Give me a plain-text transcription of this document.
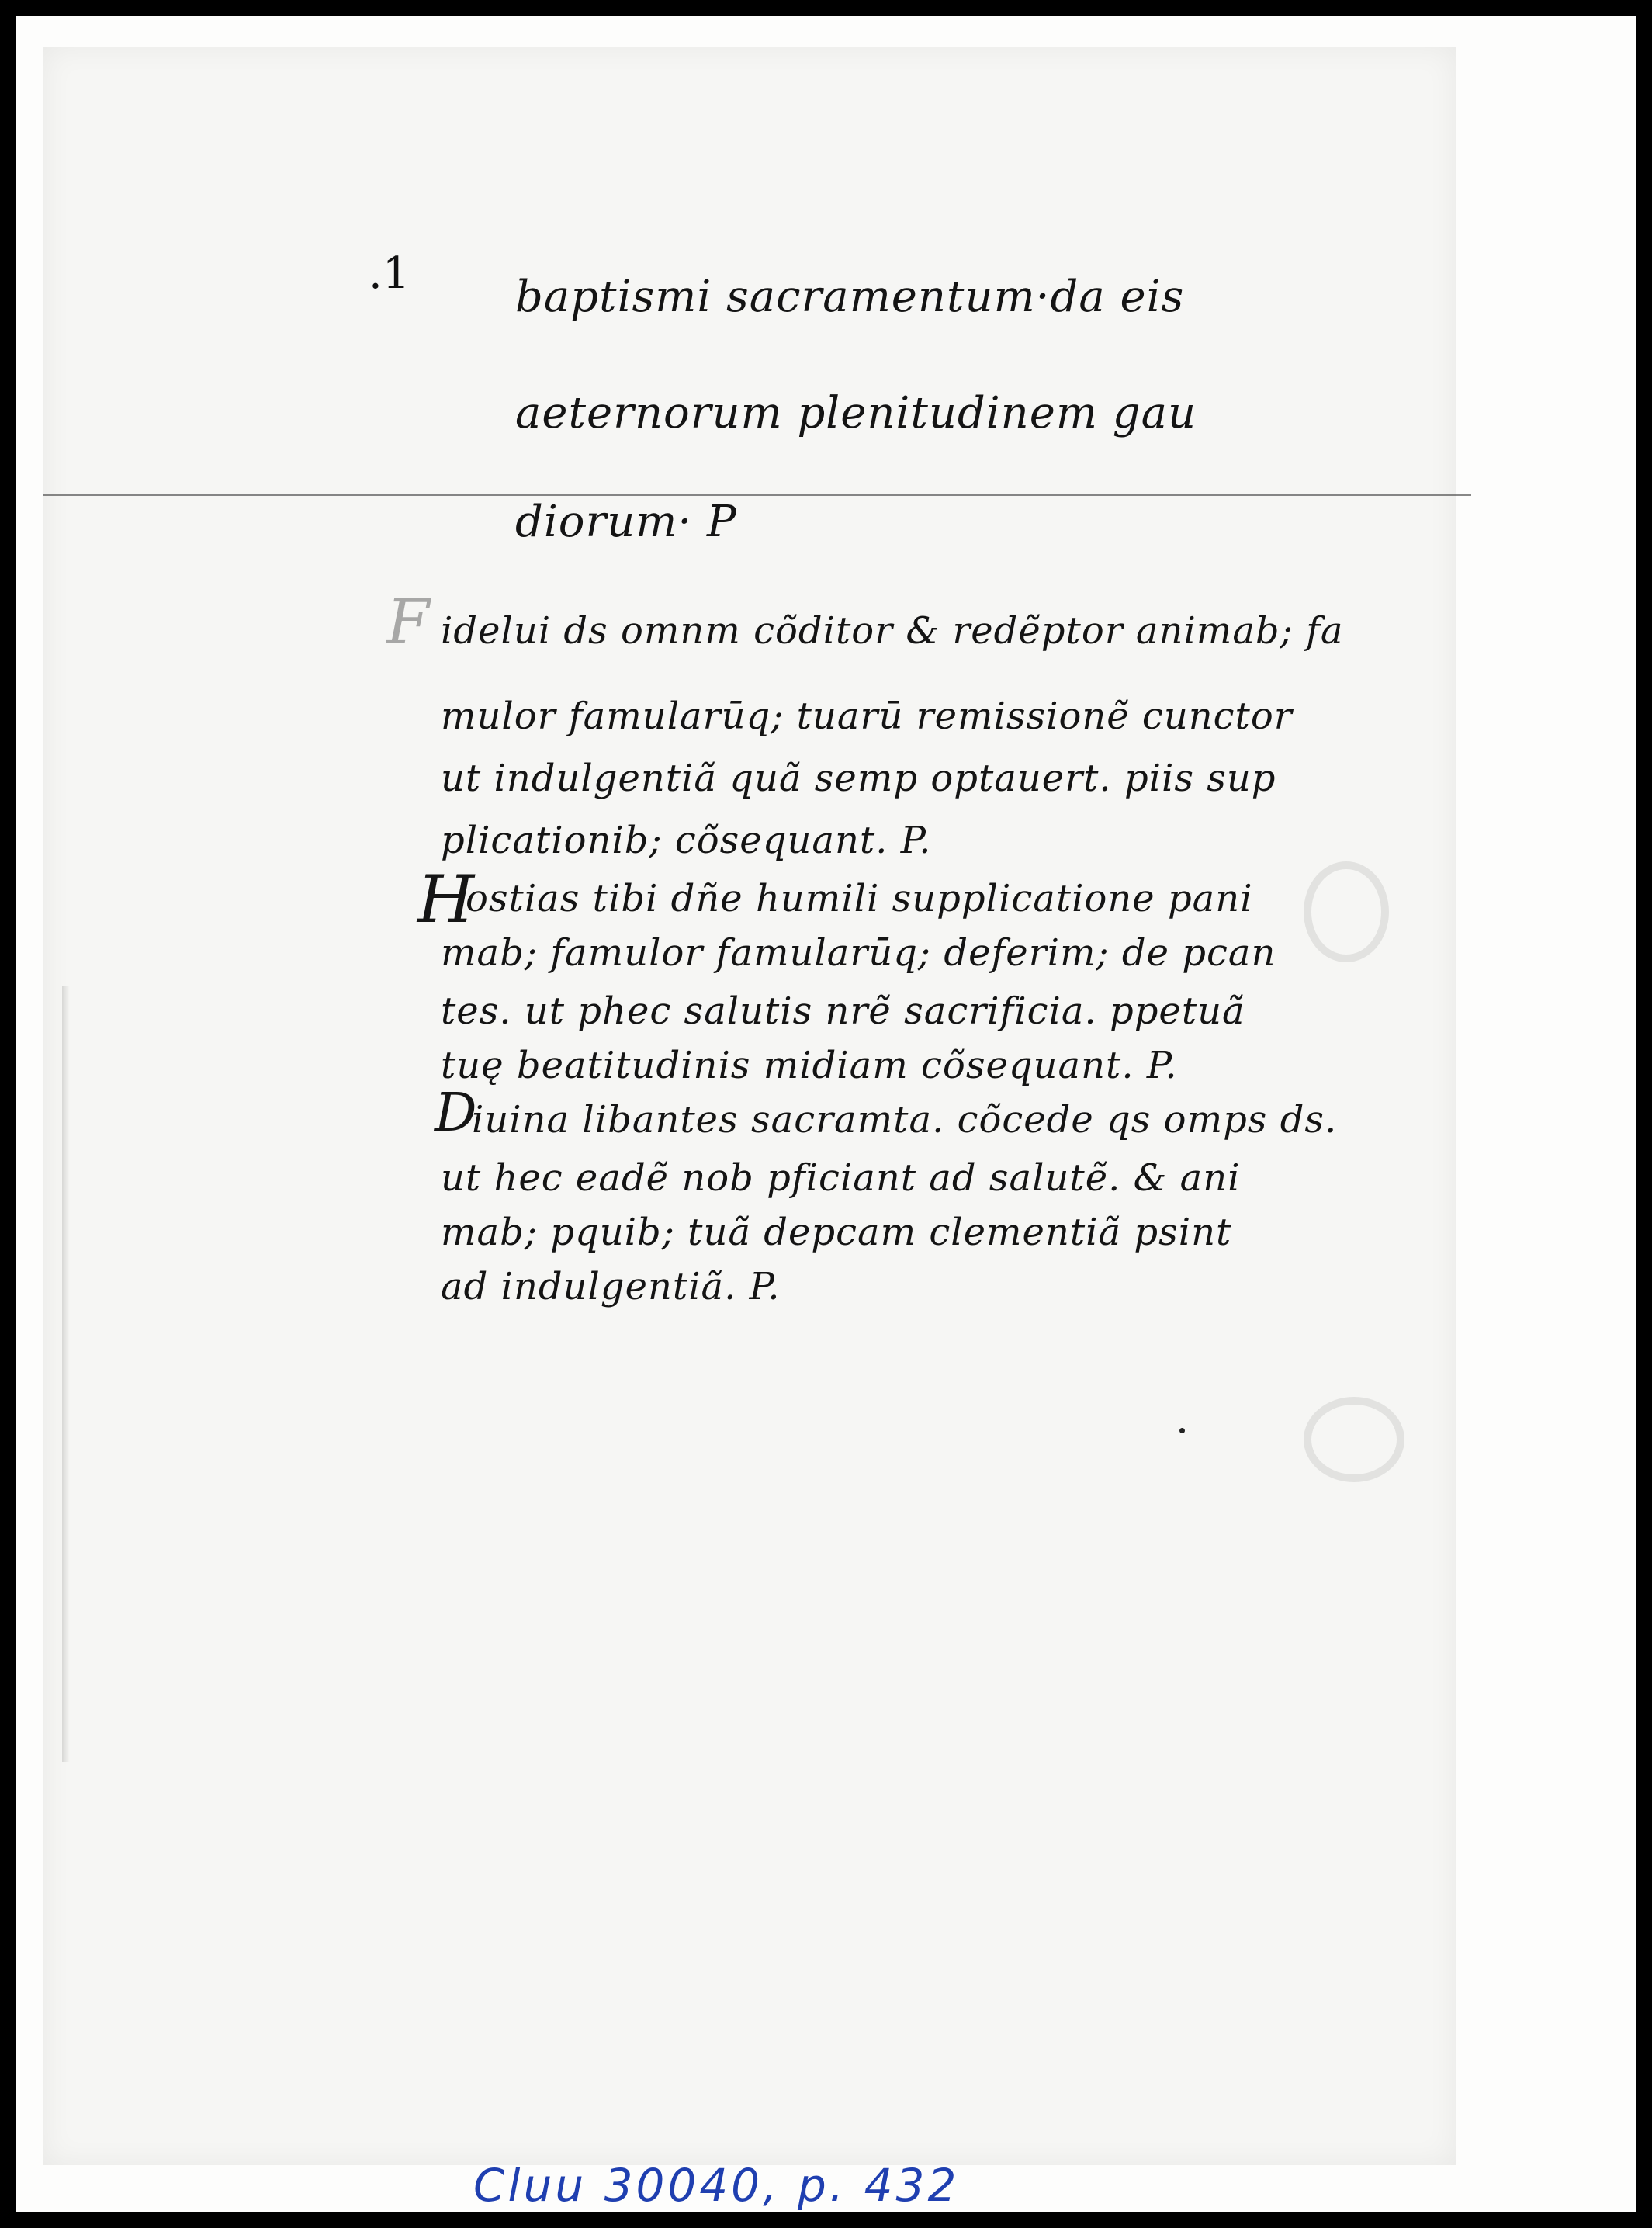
.1 baptismi sacramentum·da eis
aeternorum plenitudinem gau
diorum· P
F
H
D
idelui ds omnm cõditor & redẽptor animab; fa
mulor famularūq; tuarū remissionẽ cunctor
ut indulgentiã quã semp optauert. piis sup
plicationib; cõsequant. P.
ostias tibi dñe humili supplicatione pani
mab; famulor famularūq; deferim; de pcan
tes. ut phec salutis nrẽ sacrificia. ppetuã
tuę beatitudinis midiam cõsequant. P.
iuina libantes sacramta. cõcede qs omps ds.
ut hec eadẽ nob pficiant ad salutẽ. & ani
mab; pquib; tuã depcam clementiã psint
ad indulgentiã. P.
Cluu 30040, p. 432
